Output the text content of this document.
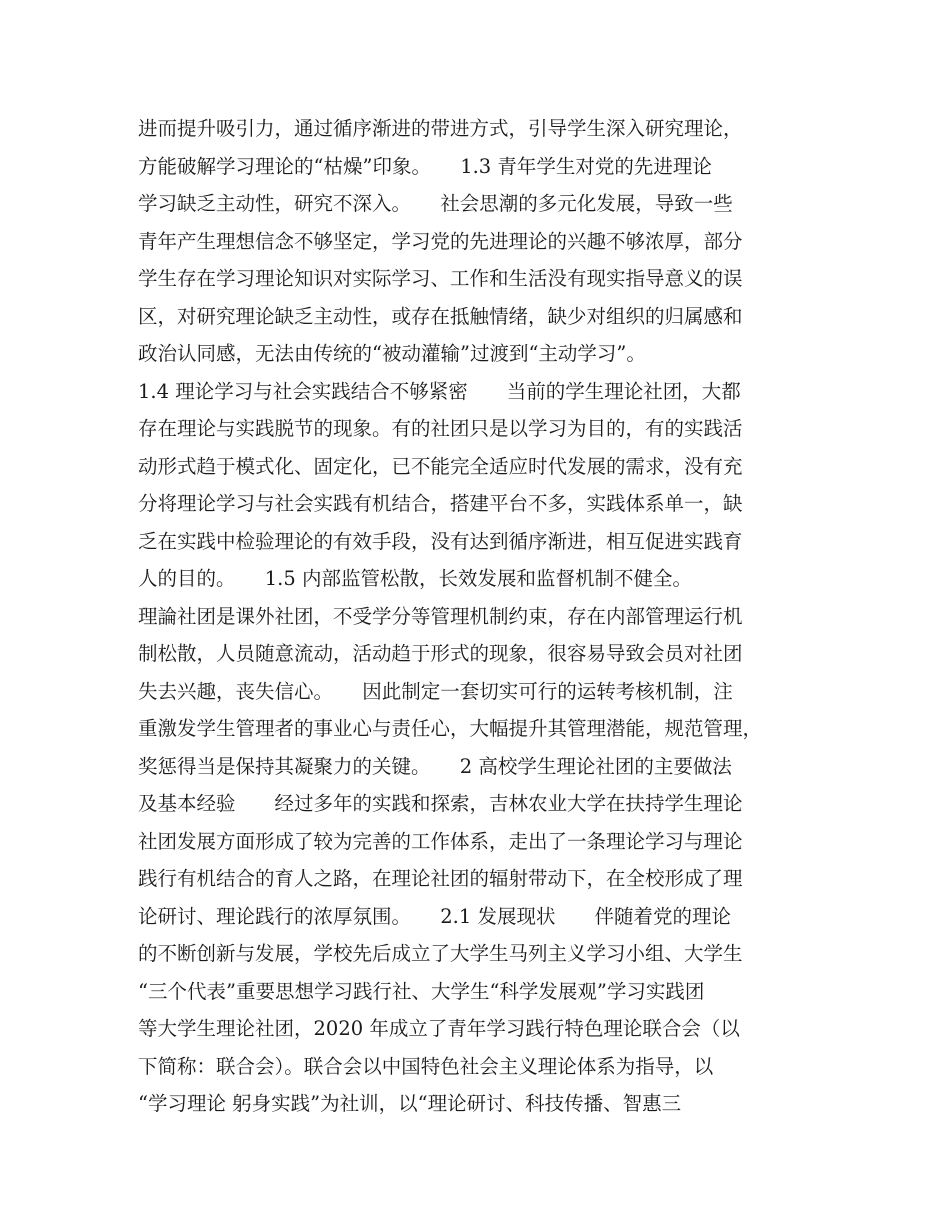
进而提升吸引力，通过循序渐进的带进方式，引导学生深入研究理论，
方能破解学习理论的“枯燥”印象。　　1.3 青年学生对党的先进理论
学习缺乏主动性，研究不深入。　　社会思潮的多元化发展，导致一些
青年产生理想信念不够坚定，学习党的先进理论的兴趣不够浓厚，部分
学生存在学习理论知识对实际学习、工作和生活没有现实指导意义的误
区，对研究理论缺乏主动性，或存在抵触情绪，缺少对组织的归属感和
政治认同感，无法由传统的“被动灌输”过渡到“主动学习”。
1.4 理论学习与社会实践结合不够紧密　　当前的学生理论社团，大都
存在理论与实践脱节的现象。有的社团只是以学习为目的，有的实践活
动形式趋于模式化、固定化，已不能完全适应时代发展的需求，没有充
分将理论学习与社会实践有机结合，搭建平台不多，实践体系单一，缺
乏在实践中检验理论的有效手段，没有达到循序渐进，相互促进实践育
人的目的。　　1.5 内部监管松散，长效发展和监督机制不健全。
理論社团是课外社团，不受学分等管理机制约束，存在内部管理运行机
制松散，人员随意流动，活动趋于形式的现象，很容易导致会员对社团
失去兴趣，丧失信心。　　因此制定一套切实可行的运转考核机制，注
重激发学生管理者的事业心与责任心，大幅提升其管理潜能，规范管理，
奖惩得当是保持其凝聚力的关键。　　2 高校学生理论社团的主要做法
及基本经验　　经过多年的实践和探索，吉林农业大学在扶持学生理论
社团发展方面形成了较为完善的工作体系，走出了一条理论学习与理论
践行有机结合的育人之路，在理论社团的辐射带动下，在全校形成了理
论研讨、理论践行的浓厚氛围。　　2.1 发展现状　　伴随着党的理论
的不断创新与发展，学校先后成立了大学生马列主义学习小组、大学生
“三个代表”重要思想学习践行社、大学生“科学发展观”学习实践团
等大学生理论社团，2020 年成立了青年学习践行特色理论联合会（以
下简称：联合会）。联合会以中国特色社会主义理论体系为指导，以
“学习理论 躬身实践”为社训，以“理论研讨、科技传播、智惠三
